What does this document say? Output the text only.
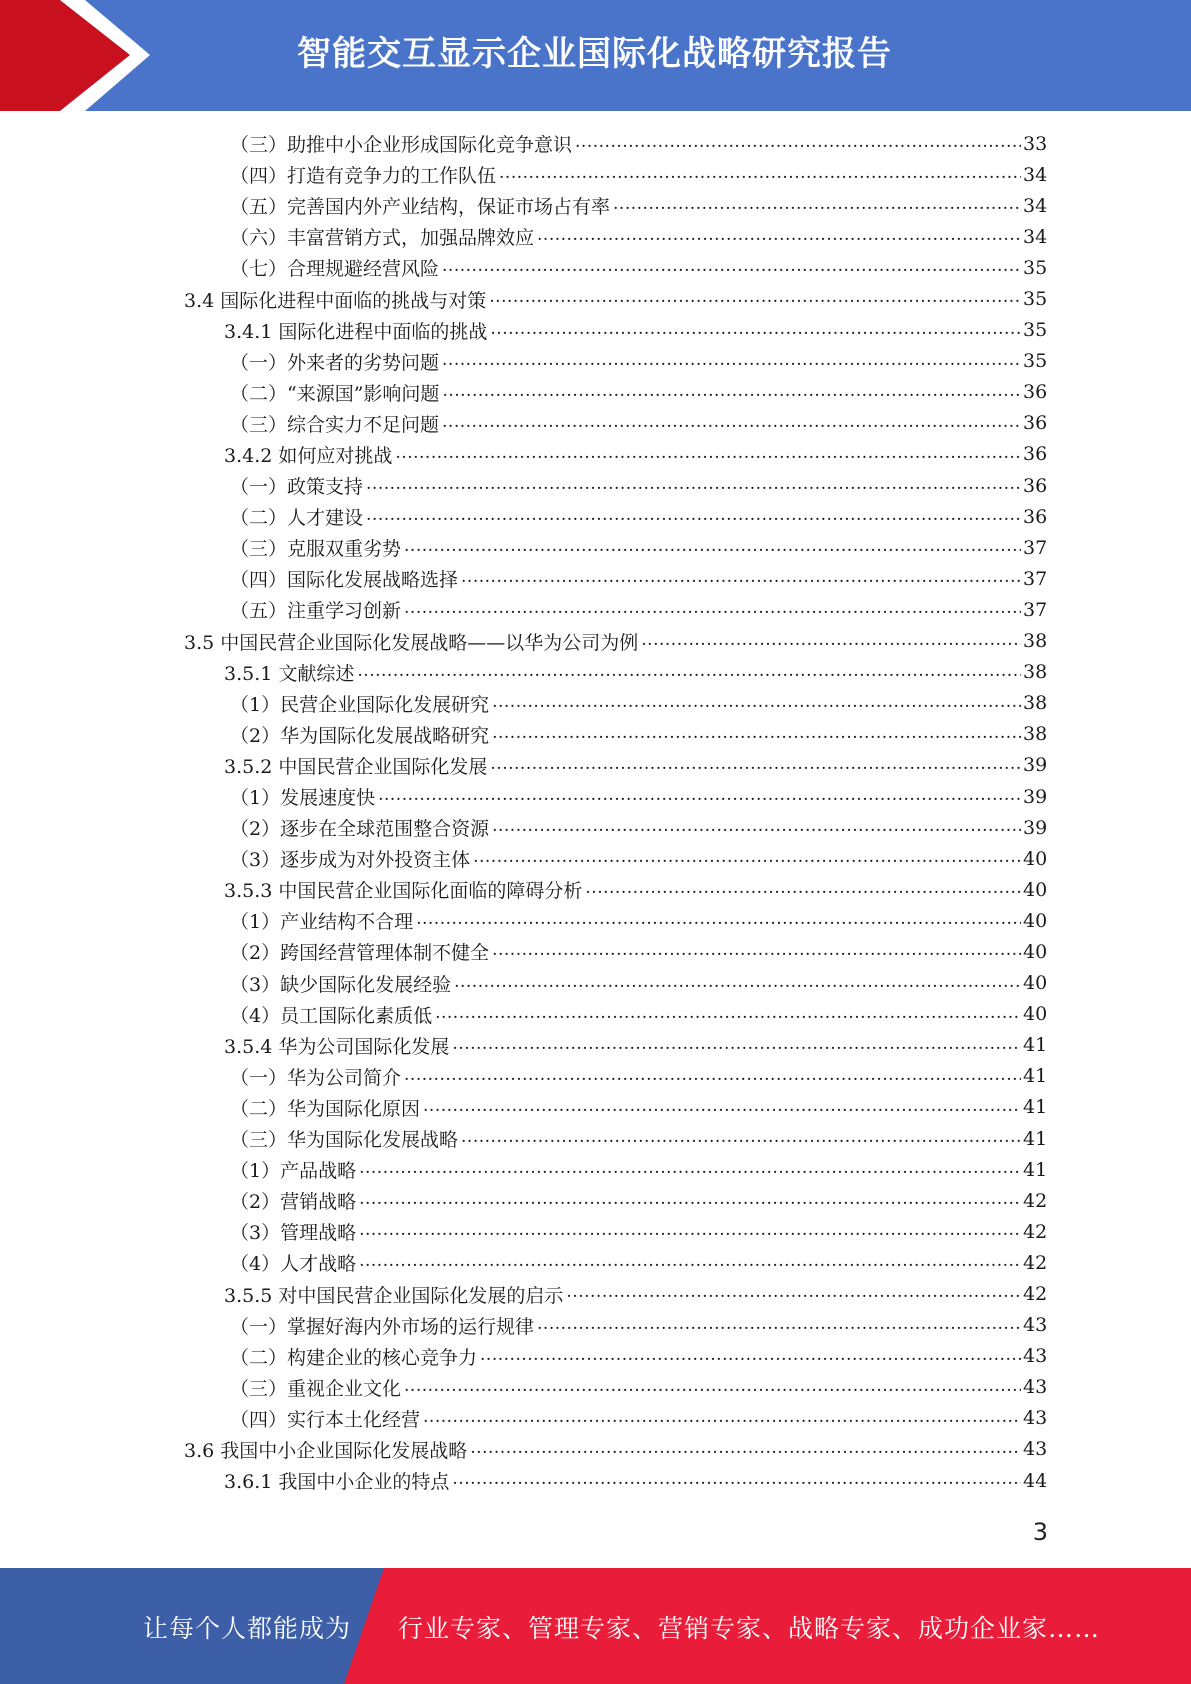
智能交互显示企业国际化战略研究报告
（三）助推中小企业形成国际化竞争意识 .....	33
（四）打造有竞争力的工作队伍 .....	34
（五）完善国内外产业结构，保证市场占有率 .....	34
（六）丰富营销方式，加强品牌效应 .....	34
（七）合理规避经营风险 .....	35
3.4 国际化进程中面临的挑战与对策 .....	35
3.4.1 国际化进程中面临的挑战 .....	35
（一）外来者的劣势问题 .....	35
（二）“来源国”影响问题 .....	36
（三）综合实力不足问题 .....	36
3.4.2 如何应对挑战 .....	36
（一）政策支持 .....	36
（二）人才建设 .....	36
（三）克服双重劣势 .....	37
（四）国际化发展战略选择 .....	37
（五）注重学习创新 .....	37
3.5 中国民营企业国际化发展战略——以华为公司为例 .....	38
3.5.1 文献综述 .....	38
（1）民营企业国际化发展研究 .....	38
（2）华为国际化发展战略研究 .....	38
3.5.2 中国民营企业国际化发展 .....	39
（1）发展速度快 .....	39
（2）逐步在全球范围整合资源 .....	39
（3）逐步成为对外投资主体 .....	40
3.5.3 中国民营企业国际化面临的障碍分析 .....	40
（1）产业结构不合理 .....	40
（2）跨国经营管理体制不健全 .....	40
（3）缺少国际化发展经验 .....	40
（4）员工国际化素质低 .....	40
3.5.4 华为公司国际化发展 .....	41
（一）华为公司简介 .....	41
（二）华为国际化原因 .....	41
（三）华为国际化发展战略 .....	41
（1）产品战略 .....	41
（2）营销战略 .....	42
（3）管理战略 .....	42
（4）人才战略 .....	42
3.5.5 对中国民营企业国际化发展的启示 .....	42
（一）掌握好海内外市场的运行规律 .....	43
（二）构建企业的核心竞争力 .....	43
（三）重视企业文化 .....	43
（四）实行本土化经营 .....	43
3.6 我国中小企业国际化发展战略 .....	43
3.6.1 我国中小企业的特点 .....	44
3
让每个人都能成为 行业专家、管理专家、营销专家、战略专家、成功企业家……
